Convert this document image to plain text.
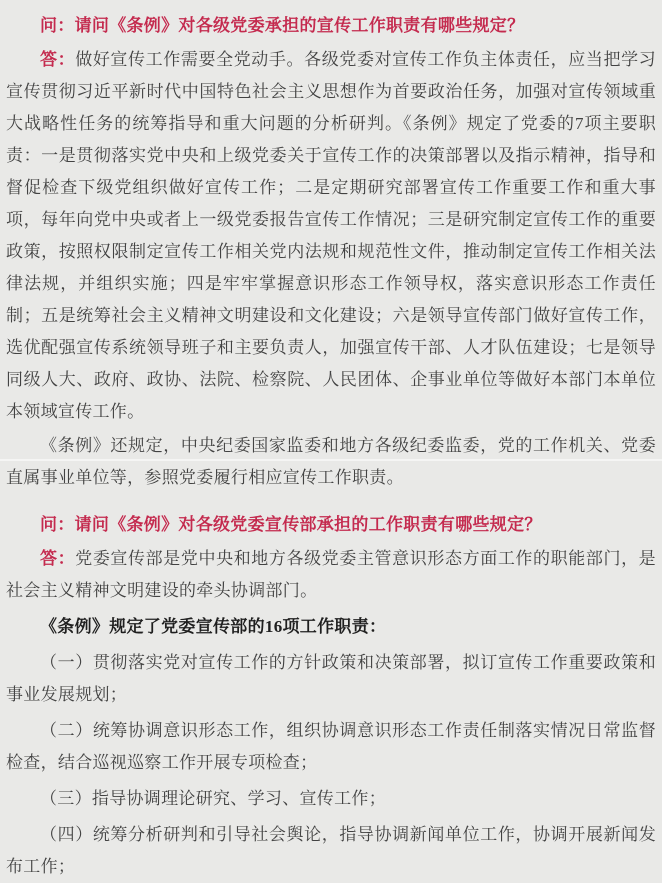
问：请问《条例》对各级党委承担的宣传工作职责有哪些规定？

答：做好宣传工作需要全党动手。各级党委对宣传工作负主体责任，应当把学习宣传贯彻习近平新时代中国特色社会主义思想作为首要政治任务，加强对宣传领域重大战略性任务的统筹指导和重大问题的分析研判。《条例》规定了党委的7项主要职责：一是贯彻落实党中央和上级党委关于宣传工作的决策部署以及指示精神，指导和督促检查下级党组织做好宣传工作；二是定期研究部署宣传工作重要工作和重大事项，每年向党中央或者上一级党委报告宣传工作情况；三是研究制定宣传工作的重要政策，按照权限制定宣传工作相关党内法规和规范性文件，推动制定宣传工作相关法律法规，并组织实施；四是牢牢掌握意识形态工作领导权，落实意识形态工作责任制；五是统筹社会主义精神文明建设和文化建设；六是领导宣传部门做好宣传工作，选优配强宣传系统领导班子和主要负责人，加强宣传干部、人才队伍建设；七是领导同级人大、政府、政协、法院、检察院、人民团体、企事业单位等做好本部门本单位本领域宣传工作。

《条例》还规定，中央纪委国家监委和地方各级纪委监委，党的工作机关、党委直属事业单位等，参照党委履行相应宣传工作职责。

问：请问《条例》对各级党委宣传部承担的工作职责有哪些规定？

答：党委宣传部是党中央和地方各级党委主管意识形态方面工作的职能部门，是社会主义精神文明建设的牵头协调部门。

《条例》规定了党委宣传部的16项工作职责：

（一）贯彻落实党对宣传工作的方针政策和决策部署，拟订宣传工作重要政策和事业发展规划；

（二）统筹协调意识形态工作，组织协调意识形态工作责任制落实情况日常监督检查，结合巡视巡察工作开展专项检查；

（三）指导协调理论研究、学习、宣传工作；

（四）统筹分析研判和引导社会舆论，指导协调新闻单位工作，协调开展新闻发布工作；
